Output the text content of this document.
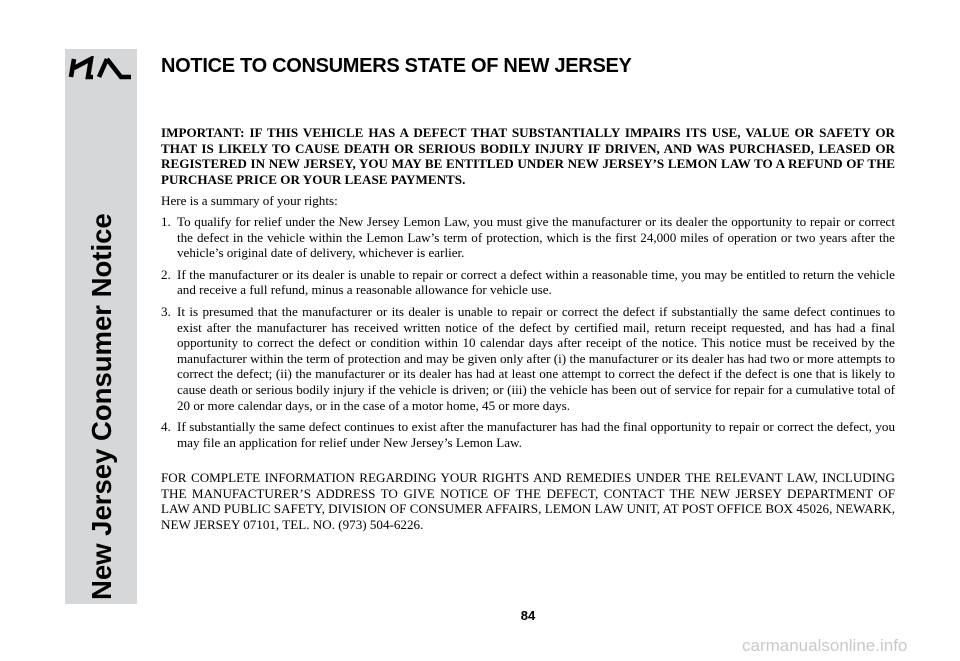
New Jersey Consumer Notice
NOTICE TO CONSUMERS STATE OF NEW JERSEY

IMPORTANT: IF THIS VEHICLE HAS A DEFECT THAT SUBSTANTIALLY IMPAIRS ITS USE, VALUE OR SAFETY OR THAT IS LIKELY TO CAUSE DEATH OR SERIOUS BODILY INJURY IF DRIVEN, AND WAS PURCHASED, LEASED OR REGISTERED IN NEW JERSEY, YOU MAY BE ENTITLED UNDER NEW JERSEY’S LEMON LAW TO A REFUND OF THE PURCHASE PRICE OR YOUR LEASE PAYMENTS.

Here is a summary of your rights:

1. To qualify for relief under the New Jersey Lemon Law, you must give the manufacturer or its dealer the opportunity to repair or correct the defect in the vehicle within the Lemon Law’s term of protection, which is the first 24,000 miles of operation or two years after the vehicle’s original date of delivery, whichever is earlier.
2. If the manufacturer or its dealer is unable to repair or correct a defect within a reasonable time, you may be entitled to return the vehicle and receive a full refund, minus a reasonable allowance for vehicle use.
3. It is presumed that the manufacturer or its dealer is unable to repair or correct the defect if substantially the same defect continues to exist after the manufacturer has received written notice of the defect by certified mail, return receipt requested, and has had a final opportunity to correct the defect or condition within 10 calendar days after receipt of the notice. This notice must be received by the manufacturer within the term of protection and may be given only after (i) the manufacturer or its dealer has had two or more attempts to correct the defect; (ii) the manufacturer or its dealer has had at least one attempt to correct the defect if the defect is one that is likely to cause death or serious bodily injury if the vehicle is driven; or (iii) the vehicle has been out of service for repair for a cumulative total of 20 or more calendar days, or in the case of a motor home, 45 or more days.
4. If substantially the same defect continues to exist after the manufacturer has had the final opportunity to repair or correct the defect, you may file an application for relief under New Jersey’s Lemon Law.

FOR COMPLETE INFORMATION REGARDING YOUR RIGHTS AND REMEDIES UNDER THE RELEVANT LAW, INCLUDING THE MANUFACTURER’S ADDRESS TO GIVE NOTICE OF THE DEFECT, CONTACT THE NEW JERSEY DEPARTMENT OF LAW AND PUBLIC SAFETY, DIVISION OF CONSUMER AFFAIRS, LEMON LAW UNIT, AT POST OFFICE BOX 45026, NEWARK, NEW JERSEY 07101, TEL. NO. (973) 504-6226.

84
carmanualsonline.info
